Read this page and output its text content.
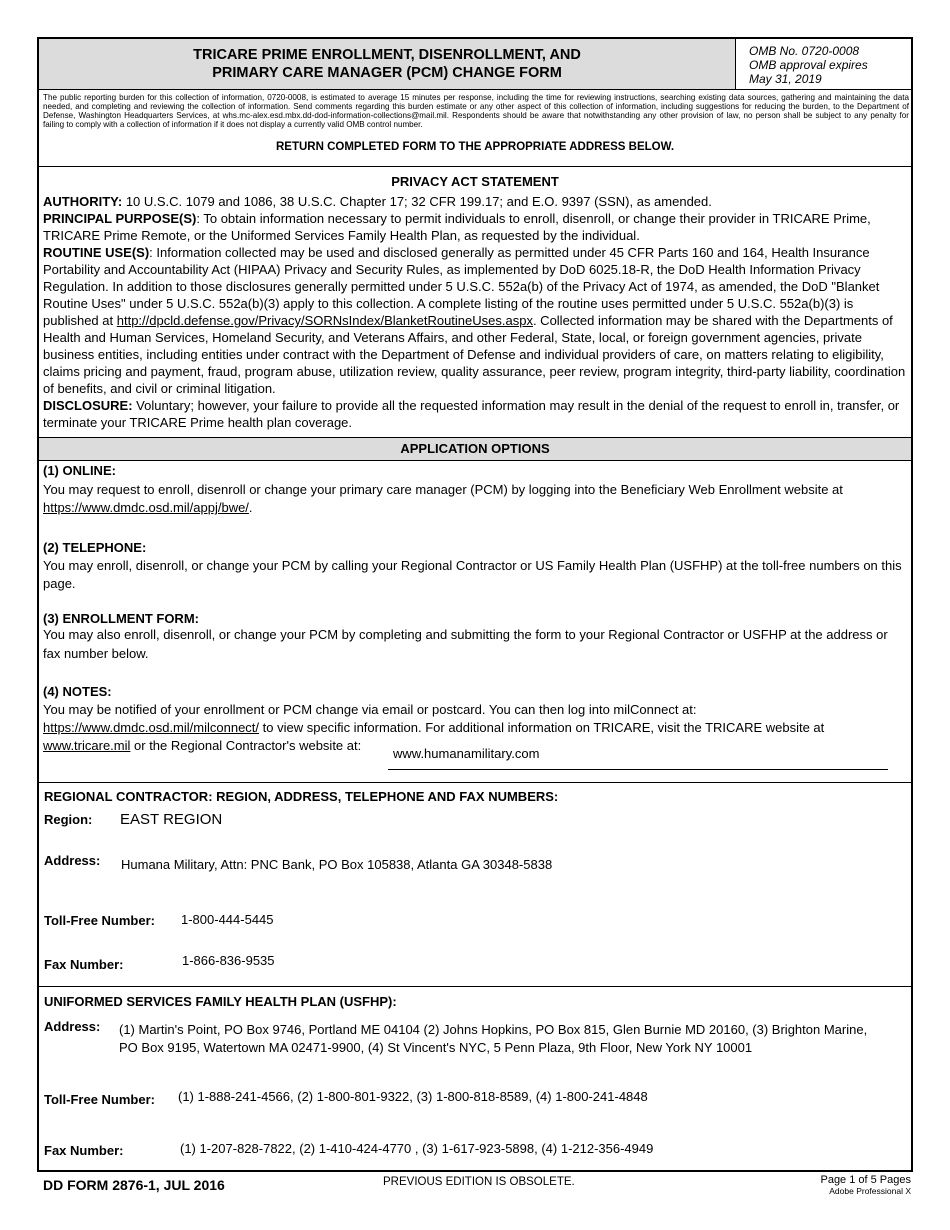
TRICARE PRIME ENROLLMENT, DISENROLLMENT, AND
PRIMARY CARE MANAGER (PCM) CHANGE FORM
OMB No. 0720-0008
OMB approval expires
May 31, 2019
The public reporting burden for this collection of information, 0720-0008, is estimated to average 15 minutes per response, including the time for reviewing instructions, searching existing data sources, gathering and maintaining the data needed, and completing and reviewing the collection of information. Send comments regarding this burden estimate or any other aspect of this collection of information, including suggestions for reducing the burden, to the Department of Defense, Washington Headquarters Services, at whs.mc-alex.esd.mbx.dd-dod-information-collections@mail.mil. Respondents should be aware that notwithstanding any other provision of law, no person shall be subject to any penalty for failing to comply with a collection of information if it does not display a currently valid OMB control number.
RETURN COMPLETED FORM TO THE APPROPRIATE ADDRESS BELOW.
PRIVACY ACT STATEMENT
AUTHORITY: 10 U.S.C. 1079 and 1086, 38 U.S.C. Chapter 17; 32 CFR 199.17; and E.O. 9397 (SSN), as amended.
PRINCIPAL PURPOSE(S): To obtain information necessary to permit individuals to enroll, disenroll, or change their provider in TRICARE Prime, TRICARE Prime Remote, or the Uniformed Services Family Health Plan, as requested by the individual.
ROUTINE USE(S): Information collected may be used and disclosed generally as permitted under 45 CFR Parts 160 and 164, Health Insurance Portability and Accountability Act (HIPAA) Privacy and Security Rules, as implemented by DoD 6025.18-R, the DoD Health Information Privacy Regulation. In addition to those disclosures generally permitted under 5 U.S.C. 552a(b) of the Privacy Act of 1974, as amended, the DoD "Blanket Routine Uses" under 5 U.S.C. 552a(b)(3) apply to this collection. A complete listing of the routine uses permitted under 5 U.S.C. 552a(b)(3) is published at http://dpcld.defense.gov/Privacy/SORNsIndex/BlanketRoutineUses.aspx. Collected information may be shared with the Departments of Health and Human Services, Homeland Security, and Veterans Affairs, and other Federal, State, local, or foreign government agencies, private business entities, including entities under contract with the Department of Defense and individual providers of care, on matters relating to eligibility, claims pricing and payment, fraud, program abuse, utilization review, quality assurance, peer review, program integrity, third-party liability, coordination of benefits, and civil or criminal litigation.
DISCLOSURE: Voluntary; however, your failure to provide all the requested information may result in the denial of the request to enroll in, transfer, or terminate your TRICARE Prime health plan coverage.
APPLICATION OPTIONS
(1) ONLINE:
You may request to enroll, disenroll or change your primary care manager (PCM) by logging into the Beneficiary Web Enrollment website at https://www.dmdc.osd.mil/appj/bwe/.
(2) TELEPHONE:
You may enroll, disenroll, or change your PCM by calling your Regional Contractor or US Family Health Plan (USFHP) at the toll-free numbers on this page.
(3) ENROLLMENT FORM:
You may also enroll, disenroll, or change your PCM by completing and submitting the form to your Regional Contractor or USFHP at the address or fax number below.
(4) NOTES:
You may be notified of your enrollment or PCM change via email or postcard. You can then log into milConnect at:
https://www.dmdc.osd.mil/milconnect/ to view specific information. For additional information on TRICARE, visit the TRICARE website at
www.tricare.mil or the Regional Contractor's website at:
www.humanamilitary.com
REGIONAL CONTRACTOR: REGION, ADDRESS, TELEPHONE AND FAX NUMBERS:
Region: EAST REGION
Address: Humana Military, Attn: PNC Bank, PO Box 105838, Atlanta GA 30348-5838
Toll-Free Number: 1-800-444-5445
Fax Number:	1-866-836-9535
UNIFORMED SERVICES FAMILY HEALTH PLAN (USFHP):
Address: (1) Martin's Point, PO Box 9746, Portland ME 04104 (2) Johns Hopkins, PO Box 815, Glen Burnie MD 20160, (3) Brighton Marine, PO Box 9195, Watertown MA 02471-9900, (4) St Vincent's NYC, 5 Penn Plaza, 9th Floor, New York NY 10001
Toll-Free Number: (1) 1-888-241-4566, (2) 1-800-801-9322, (3) 1-800-818-8589, (4) 1-800-241-4848
Fax Number:	(1) 1-207-828-7822, (2) 1-410-424-4770 , (3) 1-617-923-5898, (4) 1-212-356-4949
DD FORM 2876-1, JUL 2016	PREVIOUS EDITION IS OBSOLETE.	Page 1 of 5 Pages
Adobe Professional X
